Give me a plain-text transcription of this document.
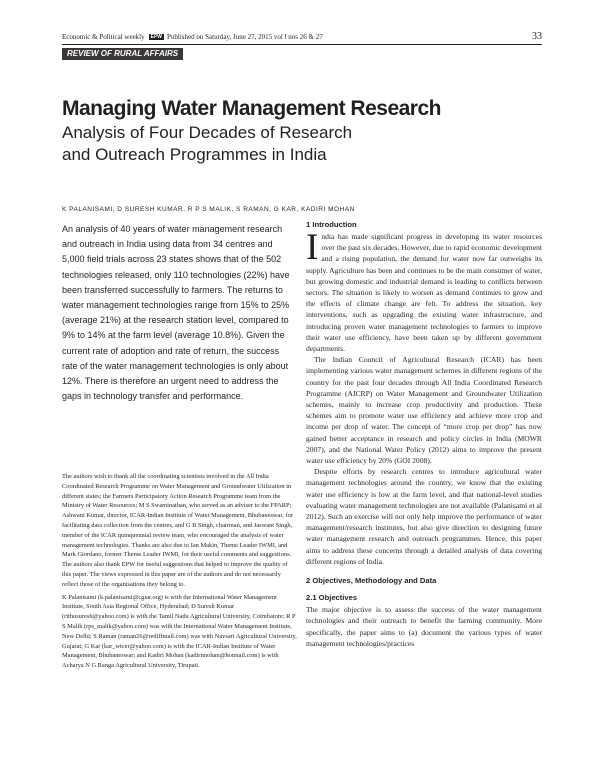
Economic & Political weekly EPW Published on Saturday, June 27, 2015 vol l nos 26 & 27	33
REVIEW OF RURAL AFFAIRS
Managing Water Management Research
Analysis of Four Decades of Research
and Outreach Programmes in India
K PALANISAMI, D SURESH KUMAR, R P S MALIK, S RAMAN, G KAR, KADIRI MOHAN

An analysis of 40 years of water management research and outreach in India using data from 34 centres and 5,000 field trials across 23 states shows that of the 502 technologies released, only 110 technologies (22%) have been transferred successfully to farmers. The returns to water management technologies range from 15% to 25% (average 21%) at the research station level, compared to 9% to 14% at the farm level (average 10.8%). Given the current rate of adoption and rate of return, the success rate of the water management technologies is only about 12%. There is therefore an urgent need to address the gaps in technology transfer and performance.

The authors wish to thank all the coordinating scientists involved in the All India Coordinated Research Programme on Water Management and Groundwater Utilization in different states; the Farmers Participatory Action Research Programme team from the Ministry of Water Resources; M S Swaminathan, who served as an adviser to the FPARP; Ashwani Kumar, director, ICAR-Indian Institute of Water Management, Bhubaneswar, for facilitating data collection from the centres, and G B Singh, chairman, and Jaswant Singh, member of the ICAR quinquennial review team, who encouraged the analysis of water management technologies. Thanks are also due to Ian Makin, Theme Leader IWMI, and Mark Giordano, former Theme Leader IWMI, for their useful comments and suggestions. The authors also thank EPW for useful suggestions that helped to improve the quality of this paper. The views expressed in this paper are of the authors and do not necessarily reflect those of the organisations they belong to.

K Palanisami (k.palanisami@cgiar.org) is with the International Water Management Institute, South Asia Regional Office, Hyderabad; D Suresh Kumar (rithusuresh@yahoo.com) is with the Tamil Nadu Agricultural University, Coimbatore; R P S Malik (rps_malik@yahoo.com) was with the International Water Management Institute, New Delhi; S Raman (raman26@rediffmail.com) was with Navsari Agricultural University, Gujarat; G Kar (kar_wtcer@yahoo.com) is with the ICAR-Indian Institute of Water Management, Bhubaneswar; and Kadiri Mohan (kadirimohan@hotmail.com) is with Acharya N G Ranga Agricultural University, Tirupati.

1 Introduction

India has made significant progress in developing its water resources over the past six decades. However, due to rapid economic development and a rising population, the demand for water now far outweighs its supply. Agriculture has been and continues to be the main consumer of water, but growing domestic and industrial demand is leading to conflicts between sectors. The situation is likely to worsen as demand continues to grow and the effects of climate change are felt. To address the situation, key interventions, such as upgrading the existing water infrastructure, and introducing proven water management technologies to farmers to improve their water use efficiency, have been taken up by different government departments.

The Indian Council of Agricultural Research (ICAR) has been implementing various water management schemes in different regions of the country for the past four decades through All India Coordinated Research Programme (AICRP) on Water Management and Groundwater Utilization schemes, mainly to increase crop productivity and production. These schemes aim to promote water use efficiency and achieve more crop and income per drop of water. The concept of “more crop per drop” has now gained better acceptance in research and policy circles in India (MOWR 2007), and the National Water Policy (2012) aims to improve the present water use efficiency by 20% (GOI 2008).

Despite efforts by research centres to introduce agricultural water management technologies around the country, we know that the existing water use efficiency is low at the farm level, and that national-level studies evaluating water management technologies are not available (Palanisami et al 2012). Such an exercise will not only help improve the performance of water management/research institutes, but also give direction to designing future water management research and outreach programmes. Hence, this paper aims to address these concerns through a detailed analysis of data covering different regions of India.

2 Objectives, Methodology and Data
2.1 Objectives

The major objective is to assess the success of the water management technologies and their outreach to benefit the farming community. More specifically, the paper aims to (a) document the various types of water management technologies/practices
